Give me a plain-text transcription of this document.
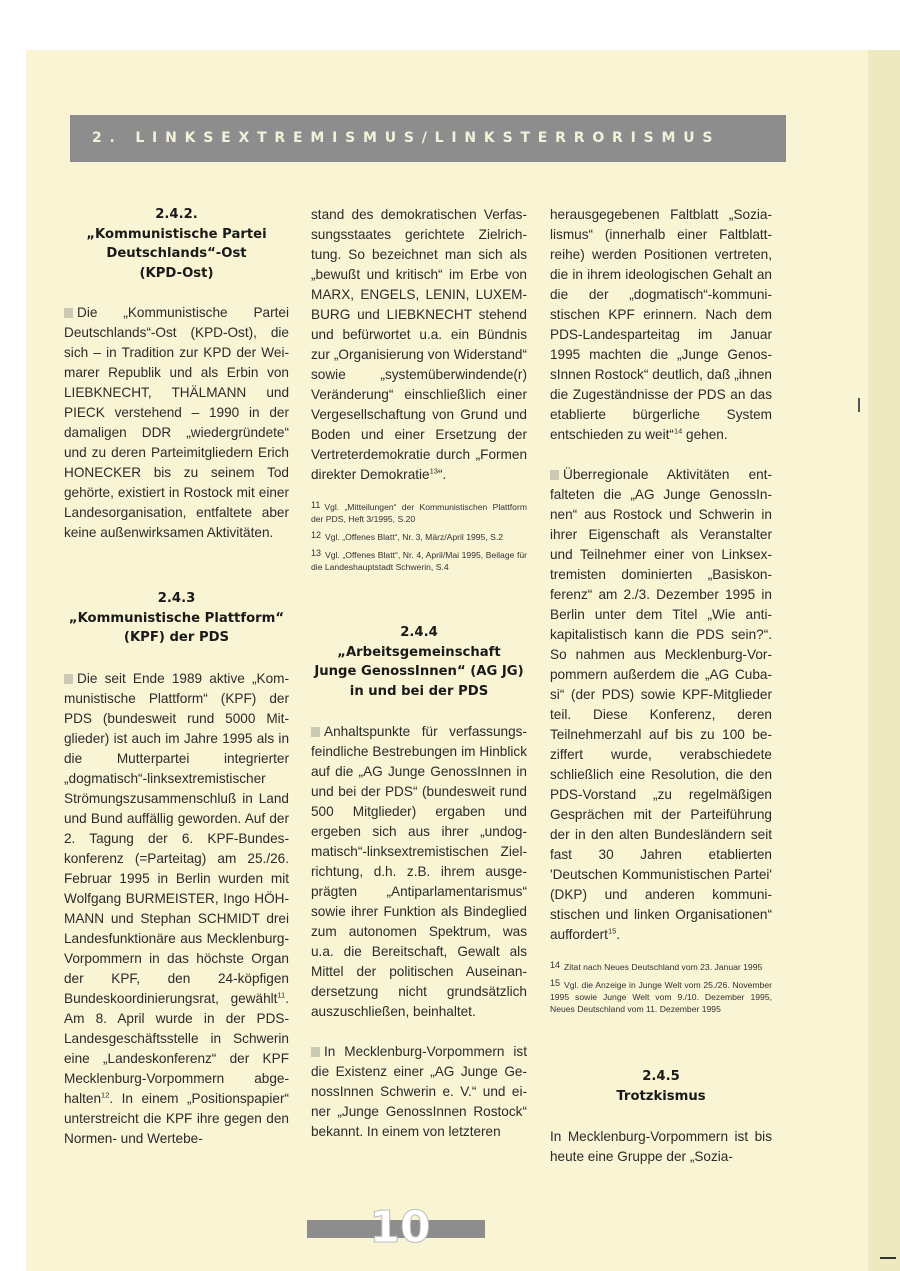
2. LINKSEXTREMISMUS/LINKSTERRORISMUS
2.4.2.
„Kommunistische Partei
Deutschlands“-Ost
(KPD-Ost)

Die „Kommunistische Partei Deutschlands“-Ost (KPD-Ost), die sich – in Tradition zur KPD der Weimarer Republik und als Erbin von LIEBKNECHT, THÄLMANN und PIECK verstehend – 1990 in der damaligen DDR „wiedergründete“ und zu deren Parteimitgliedern Erich HONECKER bis zu seinem Tod gehörte, existiert in Rostock mit einer Landesorganisation, entfaltete aber keine außenwirksamen Aktivitäten.

2.4.3
„Kommunistische Plattform“
(KPF) der PDS

Die seit Ende 1989 aktive „Kommunistische Plattform“ (KPF) der PDS (bundesweit rund 5000 Mitglieder) ist auch im Jahre 1995 als in die Mutterpartei integrierter „dogmatisch“-linksextremistischer Strömungszusammenschluß in Land und Bund auffällig geworden. Auf der 2. Tagung der 6. KPF-Bundeskonferenz (=Parteitag) am 25./26. Februar 1995 in Berlin wurden mit Wolfgang BURMEISTER, Ingo HÖHMANN und Stephan SCHMIDT drei Landesfunktionäre aus Mecklenburg-Vorpommern in das höchste Organ der KPF, den 24-köpfigen Bundeskoordinierungsrat, gewählt$^{11}$. Am 8. April wurde in der PDS-Landesgeschäftsstelle in Schwerin eine „Landeskonferenz“ der KPF Mecklenburg-Vorpommern abgehalten$^{12}$. In einem „Positionspapier“ unterstreicht die KPF ihre gegen den Normen- und Wertebe-

stand des demokratischen Verfassungsstaates gerichtete Zielrichtung. So bezeichnet man sich als „bewußt und kritisch“ im Erbe von MARX, ENGELS, LENIN, LUXEMBURG und LIEBKNECHT stehend und befürwortet u.a. ein Bündnis zur „Organisierung von Widerstand“ sowie „systemüberwindende(r) Veränderung“ einschließlich einer Vergesellschaftung von Grund und Boden und einer Ersetzung der Vertreterdemokratie durch „Formen direkter Demokratie$^{13}$“.

11 Vgl. „Mitteilungen“ der Kommunistischen Plattform der PDS, Heft 3/1995, S.20

12 Vgl. „Offenes Blatt“, Nr. 3, März/April 1995, S.2

13 Vgl. „Offenes Blatt“, Nr. 4, April/Mai 1995, Beilage für die Landeshauptstadt Schwerin, S.4

2.4.4
„Arbeitsgemeinschaft
Junge GenossInnen“ (AG JG)
in und bei der PDS

Anhaltspunkte für verfassungsfeindliche Bestrebungen im Hinblick auf die „AG Junge GenossInnen in und bei der PDS“ (bundesweit rund 500 Mitglieder) ergaben und ergeben sich aus ihrer „undogmatisch“-linksextremistischen Zielrichtung, d.h. z.B. ihrem ausgeprägten „Antiparlamentarismus“ sowie ihrer Funktion als Bindeglied zum autonomen Spektrum, was u.a. die Bereitschaft, Gewalt als Mittel der politischen Auseinandersetzung nicht grundsätzlich auszuschließen, beinhaltet.

In Mecklenburg-Vorpommern ist die Existenz einer „AG Junge GenossInnen Schwerin e. V.“ und einer „Junge GenossInnen Rostock“ bekannt. In einem von letzteren

herausgegebenen Faltblatt „Sozialismus“ (innerhalb einer Faltblattreihe) werden Positionen vertreten, die in ihrem ideologischen Gehalt an die der „dogmatisch“-kommunistischen KPF erinnern. Nach dem PDS-Landesparteitag im Januar 1995 machten die „Junge GenossInnen Rostock“ deutlich, daß „ihnen die Zugeständnisse der PDS an das etablierte bürgerliche System entschieden zu weit“$^{14}$ gehen.

Überregionale Aktivitäten entfalteten die „AG Junge GenossInnen“ aus Rostock und Schwerin in ihrer Eigenschaft als Veranstalter und Teilnehmer einer von Linksextremisten dominierten „Basiskonferenz“ am 2./3. Dezember 1995 in Berlin unter dem Titel „Wie antikapitalistisch kann die PDS sein?“. So nahmen aus Mecklenburg-Vorpommern außerdem die „AG Cuba-si“ (der PDS) sowie KPF-Mitglieder teil. Diese Konferenz, deren Teilnehmerzahl auf bis zu 100 beziffert wurde, verabschiedete schließlich eine Resolution, die den PDS-Vorstand „zu regelmäßigen Gesprächen mit der Parteiführung der in den alten Bundesländern seit fast 30 Jahren etablierten 'Deutschen Kommunistischen Partei' (DKP) und anderen kommunistischen und linken Organisationen“ auffordert$^{15}$.

14 Zitat nach Neues Deutschland vom 23. Januar 1995

15 Vgl. die Anzeige in Junge Welt vom 25./26. November 1995 sowie Junge Welt vom 9./10. Dezember 1995, Neues Deutschland vom 11. Dezember 1995

2.4.5
Trotzkismus

In Mecklenburg-Vorpommern ist bis heute eine Gruppe der „Sozia-

10
